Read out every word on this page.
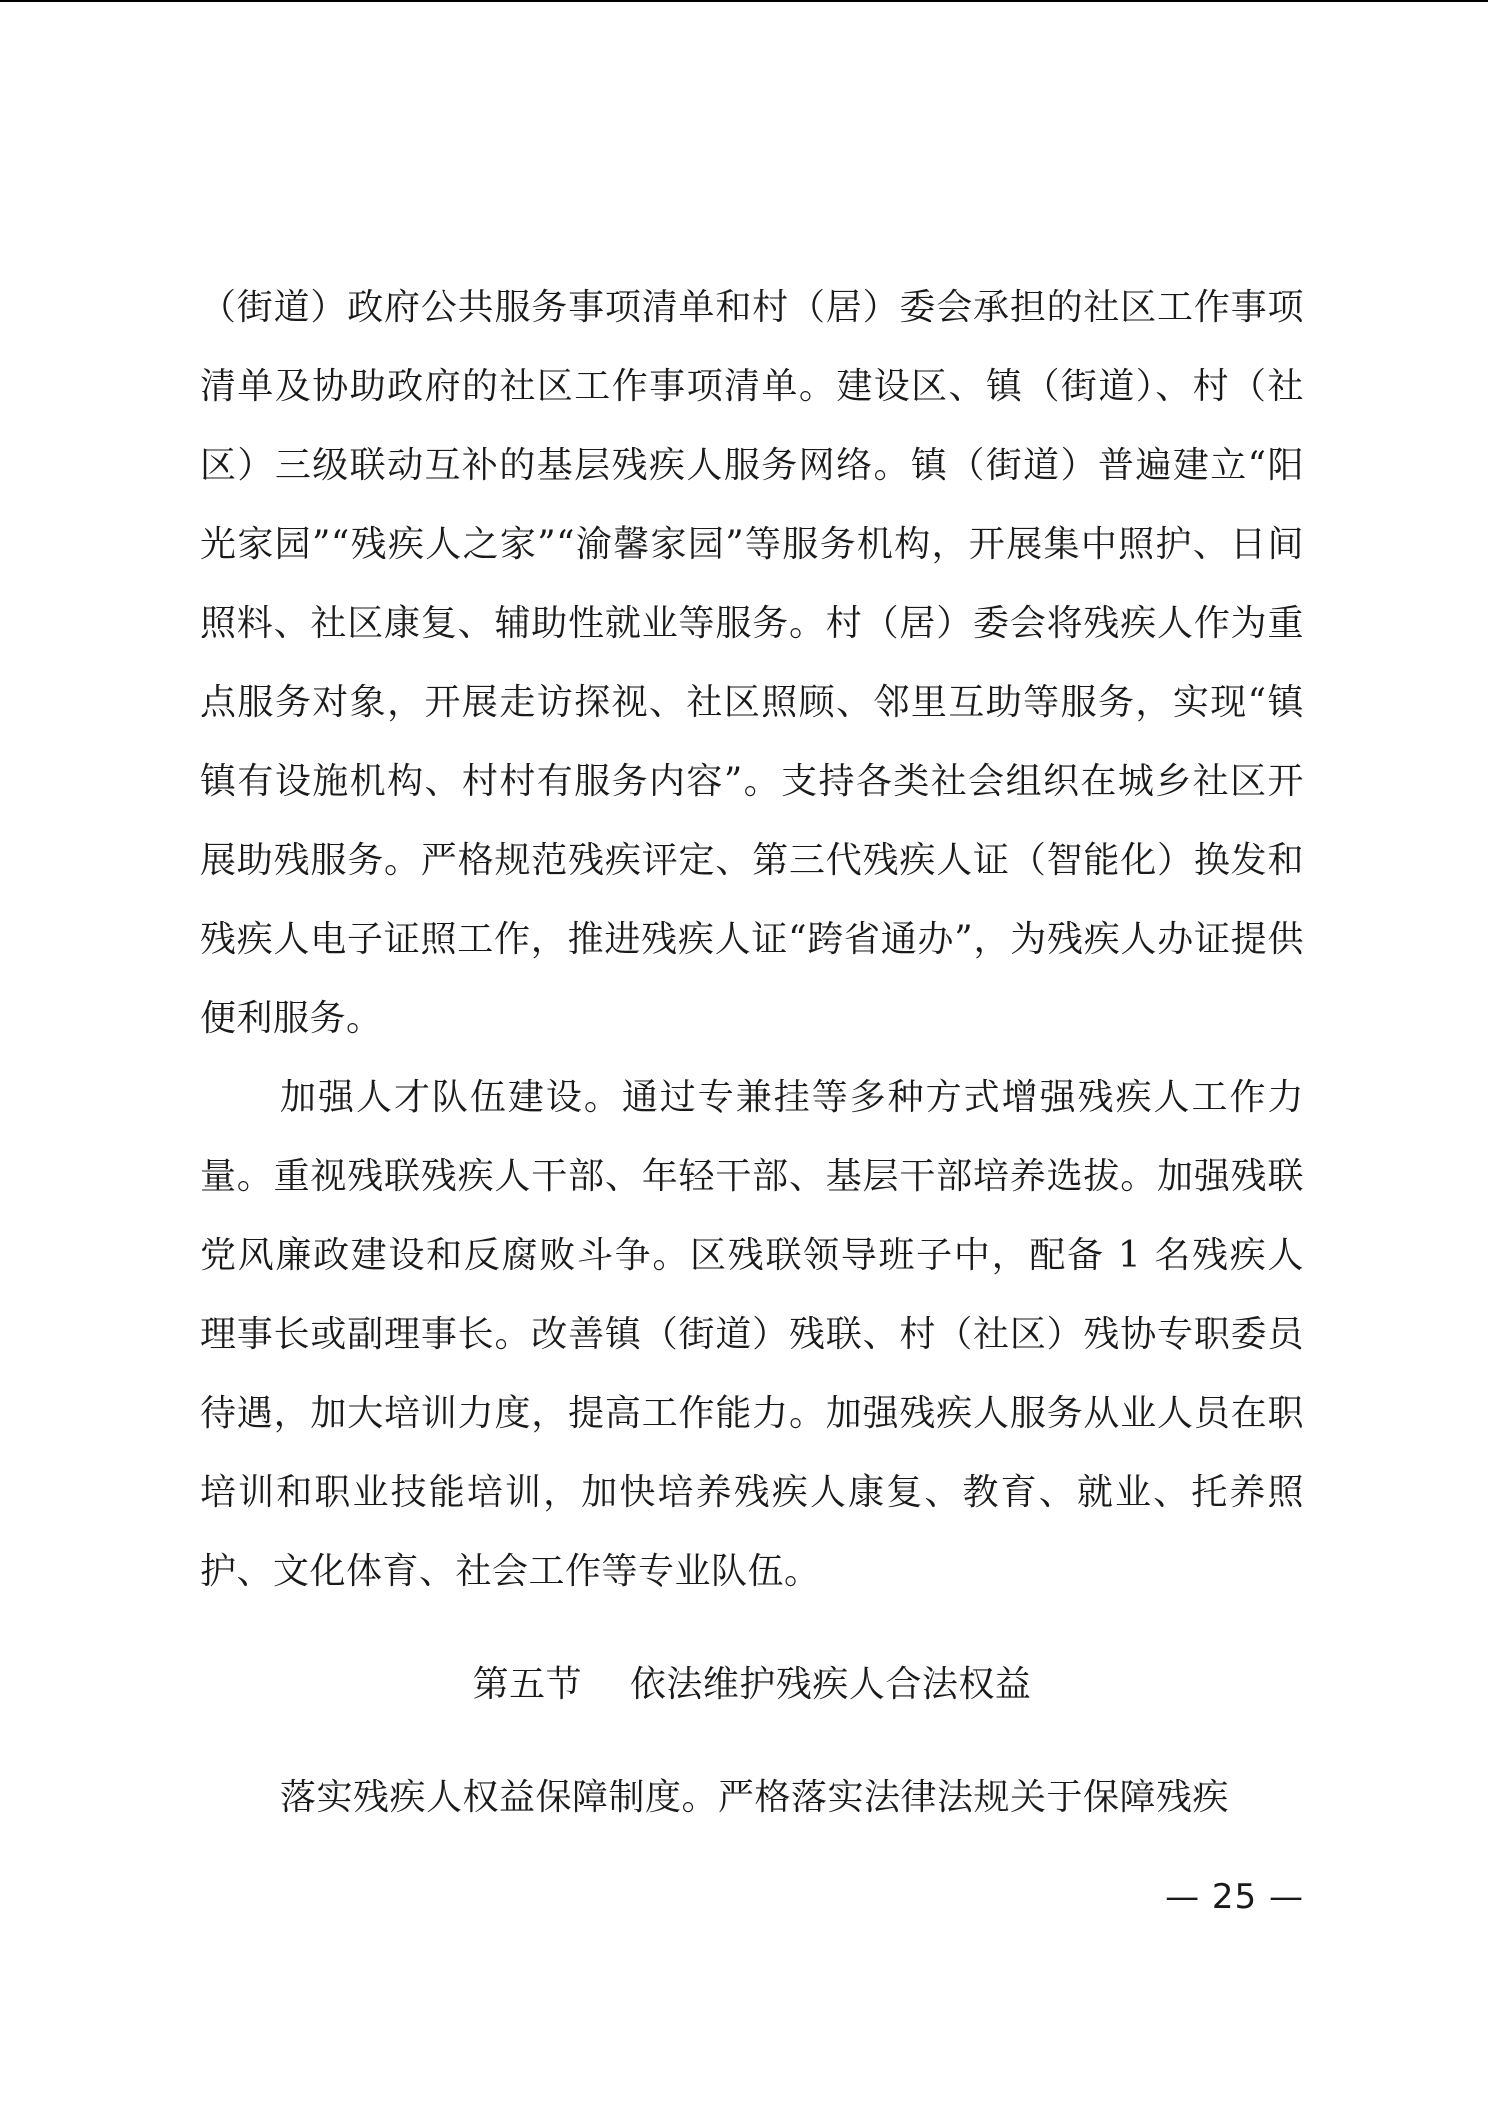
（街道）政府公共服务事项清单和村（居）委会承担的社区工作事项清单及协助政府的社区工作事项清单。建设区、镇（街道）、村（社区）三级联动互补的基层残疾人服务网络。镇（街道）普遍建立“阳光家园”“残疾人之家”“渝馨家园”等服务机构，开展集中照护、日间照料、社区康复、辅助性就业等服务。村（居）委会将残疾人作为重点服务对象，开展走访探视、社区照顾、邻里互助等服务，实现“镇镇有设施机构、村村有服务内容”。支持各类社会组织在城乡社区开展助残服务。严格规范残疾评定、第三代残疾人证（智能化）换发和残疾人电子证照工作，推进残疾人证“跨省通办”，为残疾人办证提供便利服务。

加强人才队伍建设。通过专兼挂等多种方式增强残疾人工作力量。重视残联残疾人干部、年轻干部、基层干部培养选拔。加强残联党风廉政建设和反腐败斗争。区残联领导班子中，配备 1 名残疾人理事长或副理事长。改善镇（街道）残联、村（社区）残协专职委员待遇，加大培训力度，提高工作能力。加强残疾人服务从业人员在职培训和职业技能培训，加快培养残疾人康复、教育、就业、托养照护、文化体育、社会工作等专业队伍。

第五节    依法维护残疾人合法权益

落实残疾人权益保障制度。严格落实法律法规关于保障残疾

— 25 —
